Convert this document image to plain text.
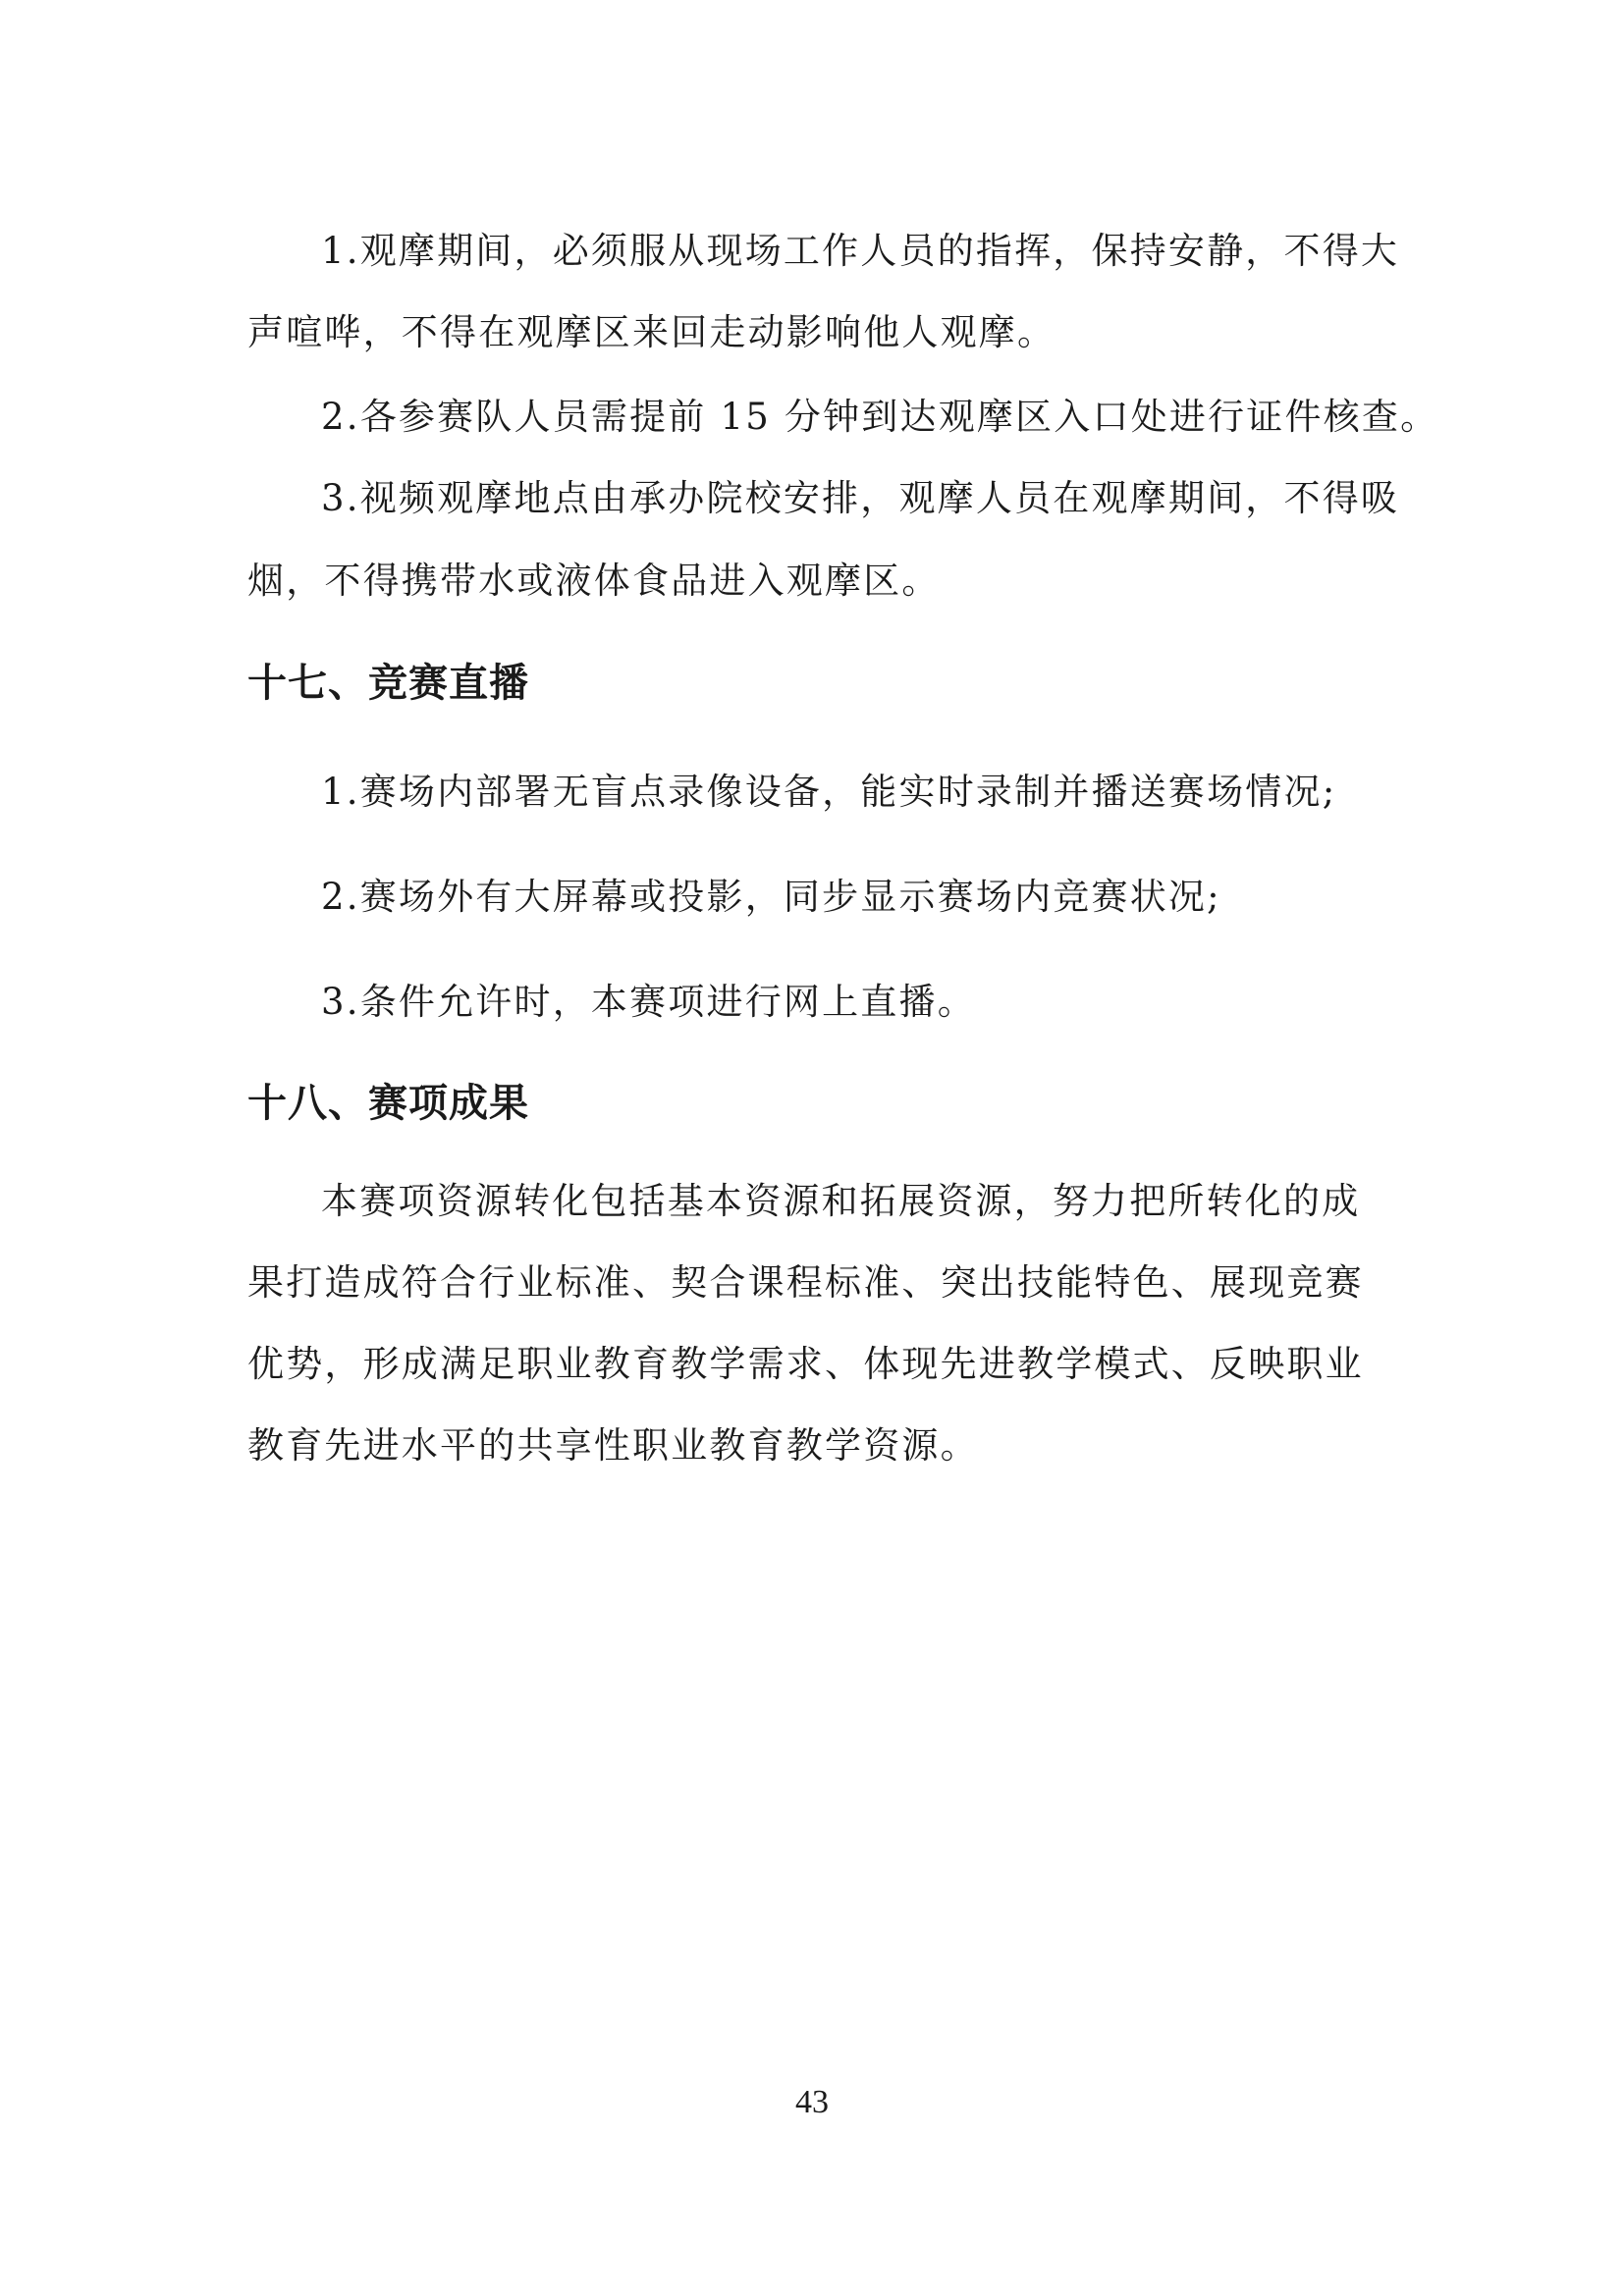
1.观摩期间，必须服从现场工作人员的指挥，保持安静，不得大
声喧哗，不得在观摩区来回走动影响他人观摩。
2.各参赛队人员需提前 15 分钟到达观摩区入口处进行证件核查。
3.视频观摩地点由承办院校安排，观摩人员在观摩期间，不得吸
烟，不得携带水或液体食品进入观摩区。
十七、竞赛直播
1.赛场内部署无盲点录像设备，能实时录制并播送赛场情况;
2.赛场外有大屏幕或投影，同步显示赛场内竞赛状况;
3.条件允许时，本赛项进行网上直播。
十八、赛项成果
本赛项资源转化包括基本资源和拓展资源，努力把所转化的成
果打造成符合行业标准、契合课程标准、突出技能特色、展现竞赛
优势，形成满足职业教育教学需求、体现先进教学模式、反映职业
教育先进水平的共享性职业教育教学资源。
43
